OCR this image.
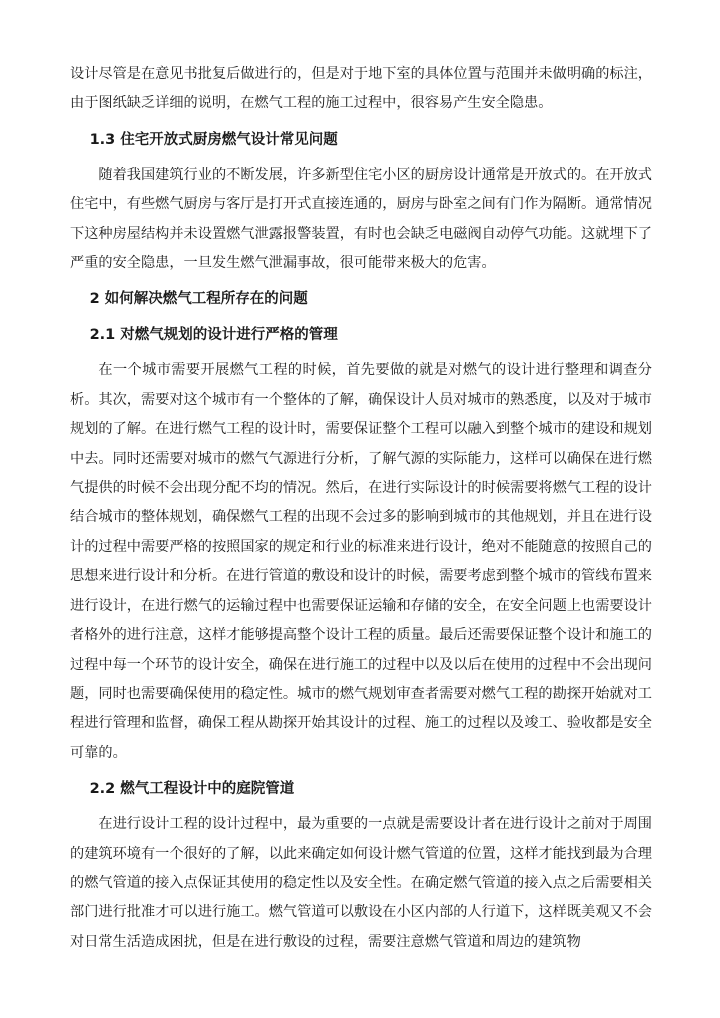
设计尽管是在意见书批复后做进行的，但是对于地下室的具体位置与范围并未做明确的标注，由于图纸缺乏详细的说明，在燃气工程的施工过程中，很容易产生安全隐患。

1.3 住宅开放式厨房燃气设计常见问题

随着我国建筑行业的不断发展，许多新型住宅小区的厨房设计通常是开放式的。在开放式住宅中，有些燃气厨房与客厅是打开式直接连通的，厨房与卧室之间有门作为隔断。通常情况下这种房屋结构并未设置燃气泄露报警装置，有时也会缺乏电磁阀自动停气功能。这就埋下了严重的安全隐患，一旦发生燃气泄漏事故，很可能带来极大的危害。

2 如何解决燃气工程所存在的问题
2.1 对燃气规划的设计进行严格的管理

在一个城市需要开展燃气工程的时候，首先要做的就是对燃气的设计进行整理和调查分析。其次，需要对这个城市有一个整体的了解，确保设计人员对城市的熟悉度，以及对于城市规划的了解。在进行燃气工程的设计时，需要保证整个工程可以融入到整个城市的建设和规划中去。同时还需要对城市的燃气气源进行分析，了解气源的实际能力，这样可以确保在进行燃气提供的时候不会出现分配不均的情况。然后，在进行实际设计的时候需要将燃气工程的设计结合城市的整体规划，确保燃气工程的出现不会过多的影响到城市的其他规划，并且在进行设计的过程中需要严格的按照国家的规定和行业的标准来进行设计，绝对不能随意的按照自己的思想来进行设计和分析。在进行管道的敷设和设计的时候，需要考虑到整个城市的管线布置来进行设计，在进行燃气的运输过程中也需要保证运输和存储的安全，在安全问题上也需要设计者格外的进行注意，这样才能够提高整个设计工程的质量。最后还需要保证整个设计和施工的过程中每一个环节的设计安全，确保在进行施工的过程中以及以后在使用的过程中不会出现问题，同时也需要确保使用的稳定性。城市的燃气规划审查者需要对燃气工程的勘探开始就对工程进行管理和监督，确保工程从勘探开始其设计的过程、施工的过程以及竣工、验收都是安全可靠的。

2.2 燃气工程设计中的庭院管道

在进行设计工程的设计过程中，最为重要的一点就是需要设计者在进行设计之前对于周围的建筑环境有一个很好的了解，以此来确定如何设计燃气管道的位置，这样才能找到最为合理的燃气管道的接入点保证其使用的稳定性以及安全性。在确定燃气管道的接入点之后需要相关部门进行批准才可以进行施工。燃气管道可以敷设在小区内部的人行道下，这样既美观又不会对日常生活造成困扰，但是在进行敷设的过程，需要注意燃气管道和周边的建筑物
